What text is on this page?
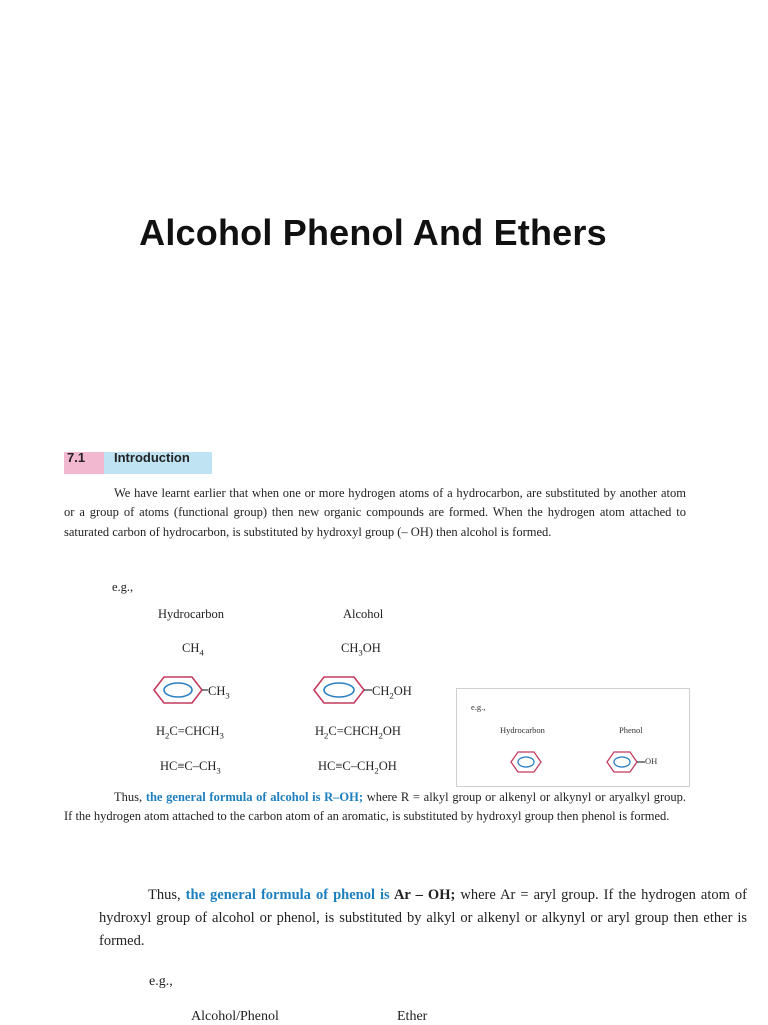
Alcohol Phenol And Ethers
7.1 Introduction
We have learnt earlier that when one or more hydrogen atoms of a hydrocarbon, are substituted by another atom or a group of atoms (functional group) then new organic compounds are formed. When the hydrogen atom attached to saturated carbon of hydrocarbon, is substituted by hydroxyl group (– OH) then alcohol is formed.
e.g.,
Hydrocarbon	Alcohol
$CH_4$	$CH_3OH$
$CH_3$	$CH_2OH$
$H_2C=CHCH_3$	$H_2C=CHCH_2OH$
$HC\equiv C-CH_3$	$HC\equiv C-CH_2OH$
e.g.,
Hydrocarbon	Phenol
OH
Thus, the general formula of alcohol is R–OH; where R = alkyl group or alkenyl or alkynyl or aryalkyl group. If the hydrogen atom attached to the carbon atom of an aromatic, is substituted by hydroxyl group then phenol is formed.
Thus, the general formula of phenol is Ar – OH; where Ar = aryl group. If the hydrogen atom of hydroxyl group of alcohol or phenol, is substituted by alkyl or alkenyl or alkynyl or aryl group then ether is formed.
e.g.,
Alcohol/Phenol	Ether
